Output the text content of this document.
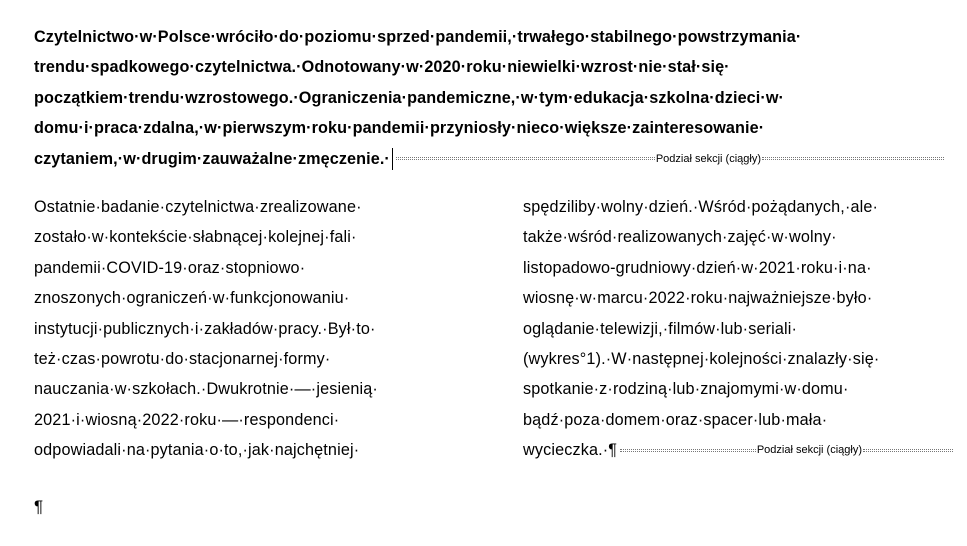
Czytelnictwo·w·Polsce·wróciło·do·poziomu·sprzed·pandemii,·trwałego·stabilnego·powstrzymania·
trendu·spadkowego·czytelnictwa.·Odnotowany·w·2020·roku·niewielki·wzrost·nie·stał·się·
początkiem·trendu·wzrostowego.·Ograniczenia·pandemiczne,·w·tym·edukacja·szkolna·dzieci·w·
domu·i·praca·zdalna,·w·pierwszym·roku·pandemii·przyniosły·nieco·większe·zainteresowanie·
czytaniem,·w·drugim·zauważalne·zmęczenie.·	Podział sekcji (ciągły)
Ostatnie·badanie·czytelnictwa·zrealizowane·
zostało·w·kontekście·słabnącej·kolejnej·fali·
pandemii·COVID-19·oraz·stopniowo·
znoszonych·ograniczeń·w·funkcjonowaniu·
instytucji·publicznych·i·zakładów·pracy.·Był·to·
też·czas·powrotu·do·stacjonarnej·formy·
nauczania·w·szkołach.·Dwukrotnie·—·jesienią·
2021·i·wiosną·2022·roku·—·respondenci·
odpowiadali·na·pytania·o·to,·jak·najchętniej·
spędziliby·wolny·dzień.·Wśród·pożądanych,·ale·
także·wśród·realizowanych·zajęć·w·wolny·
listopadowo-grudniowy·dzień·w·2021·roku·i·na·
wiosnę·w·marcu·2022·roku·najważniejsze·było·
oglądanie·telewizji,·filmów·lub·seriali·
(wykres°1).·W·następnej·kolejności·znalazły·się·
spotkanie·z·rodziną·lub·znajomymi·w·domu·
bądź·poza·domem·oraz·spacer·lub·mała·
wycieczka.·¶	Podział sekcji (ciągły)
¶
